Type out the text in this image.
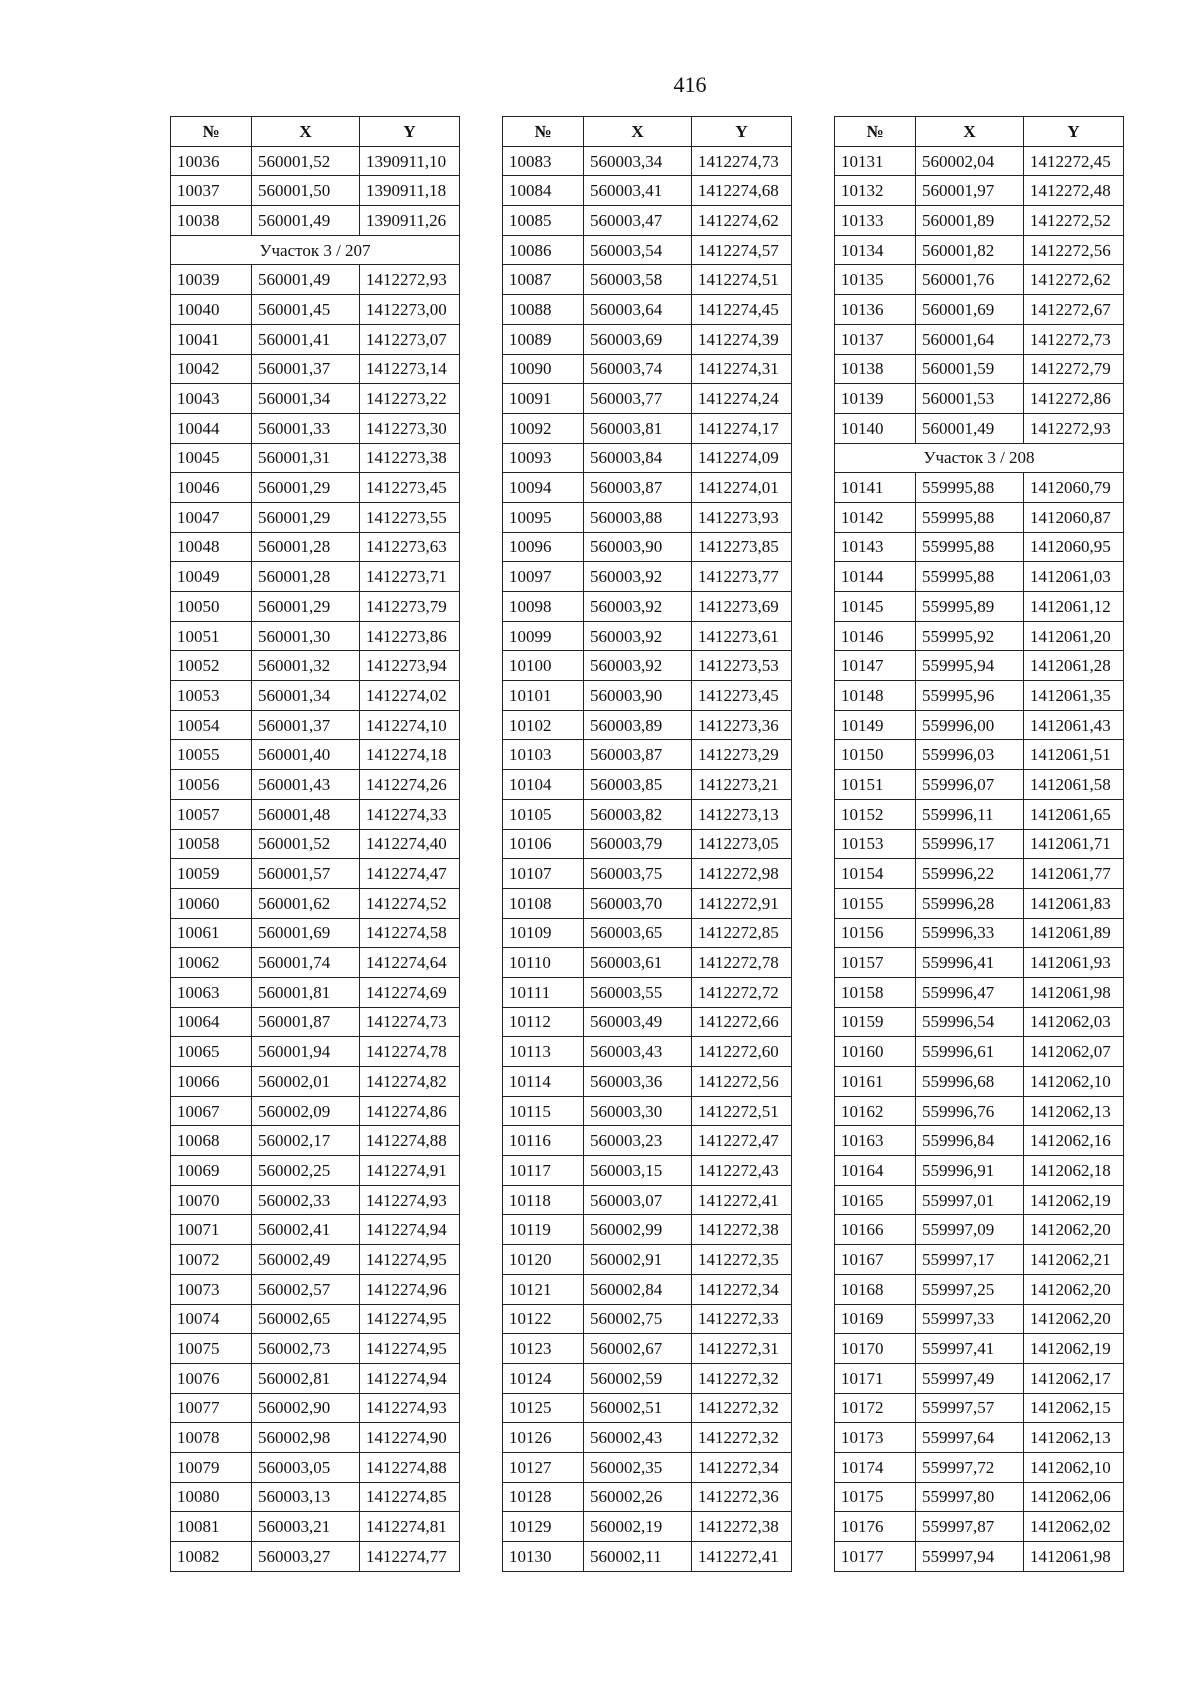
416
№	X	Y
10036	560001,52	1390911,10
10037	560001,50	1390911,18
10038	560001,49	1390911,26
Участок 3 / 207		
10039	560001,49	1412272,93
10040	560001,45	1412273,00
10041	560001,41	1412273,07
10042	560001,37	1412273,14
10043	560001,34	1412273,22
10044	560001,33	1412273,30
10045	560001,31	1412273,38
10046	560001,29	1412273,45
10047	560001,29	1412273,55
10048	560001,28	1412273,63
10049	560001,28	1412273,71
10050	560001,29	1412273,79
10051	560001,30	1412273,86
10052	560001,32	1412273,94
10053	560001,34	1412274,02
10054	560001,37	1412274,10
10055	560001,40	1412274,18
10056	560001,43	1412274,26
10057	560001,48	1412274,33
10058	560001,52	1412274,40
10059	560001,57	1412274,47
10060	560001,62	1412274,52
10061	560001,69	1412274,58
10062	560001,74	1412274,64
10063	560001,81	1412274,69
10064	560001,87	1412274,73
10065	560001,94	1412274,78
10066	560002,01	1412274,82
10067	560002,09	1412274,86
10068	560002,17	1412274,88
10069	560002,25	1412274,91
10070	560002,33	1412274,93
10071	560002,41	1412274,94
10072	560002,49	1412274,95
10073	560002,57	1412274,96
10074	560002,65	1412274,95
10075	560002,73	1412274,95
10076	560002,81	1412274,94
10077	560002,90	1412274,93
10078	560002,98	1412274,90
10079	560003,05	1412274,88
10080	560003,13	1412274,85
10081	560003,21	1412274,81
10082	560003,27	1412274,77
№	X	Y
10083	560003,34	1412274,73
10084	560003,41	1412274,68
10085	560003,47	1412274,62
10086	560003,54	1412274,57
10087	560003,58	1412274,51
10088	560003,64	1412274,45
10089	560003,69	1412274,39
10090	560003,74	1412274,31
10091	560003,77	1412274,24
10092	560003,81	1412274,17
10093	560003,84	1412274,09
10094	560003,87	1412274,01
10095	560003,88	1412273,93
10096	560003,90	1412273,85
10097	560003,92	1412273,77
10098	560003,92	1412273,69
10099	560003,92	1412273,61
10100	560003,92	1412273,53
10101	560003,90	1412273,45
10102	560003,89	1412273,36
10103	560003,87	1412273,29
10104	560003,85	1412273,21
10105	560003,82	1412273,13
10106	560003,79	1412273,05
10107	560003,75	1412272,98
10108	560003,70	1412272,91
10109	560003,65	1412272,85
10110	560003,61	1412272,78
10111	560003,55	1412272,72
10112	560003,49	1412272,66
10113	560003,43	1412272,60
10114	560003,36	1412272,56
10115	560003,30	1412272,51
10116	560003,23	1412272,47
10117	560003,15	1412272,43
10118	560003,07	1412272,41
10119	560002,99	1412272,38
10120	560002,91	1412272,35
10121	560002,84	1412272,34
10122	560002,75	1412272,33
10123	560002,67	1412272,31
10124	560002,59	1412272,32
10125	560002,51	1412272,32
10126	560002,43	1412272,32
10127	560002,35	1412272,34
10128	560002,26	1412272,36
10129	560002,19	1412272,38
10130	560002,11	1412272,41
№	X	Y
10131	560002,04	1412272,45
10132	560001,97	1412272,48
10133	560001,89	1412272,52
10134	560001,82	1412272,56
10135	560001,76	1412272,62
10136	560001,69	1412272,67
10137	560001,64	1412272,73
10138	560001,59	1412272,79
10139	560001,53	1412272,86
10140	560001,49	1412272,93
Участок 3 / 208		
10141	559995,88	1412060,79
10142	559995,88	1412060,87
10143	559995,88	1412060,95
10144	559995,88	1412061,03
10145	559995,89	1412061,12
10146	559995,92	1412061,20
10147	559995,94	1412061,28
10148	559995,96	1412061,35
10149	559996,00	1412061,43
10150	559996,03	1412061,51
10151	559996,07	1412061,58
10152	559996,11	1412061,65
10153	559996,17	1412061,71
10154	559996,22	1412061,77
10155	559996,28	1412061,83
10156	559996,33	1412061,89
10157	559996,41	1412061,93
10158	559996,47	1412061,98
10159	559996,54	1412062,03
10160	559996,61	1412062,07
10161	559996,68	1412062,10
10162	559996,76	1412062,13
10163	559996,84	1412062,16
10164	559996,91	1412062,18
10165	559997,01	1412062,19
10166	559997,09	1412062,20
10167	559997,17	1412062,21
10168	559997,25	1412062,20
10169	559997,33	1412062,20
10170	559997,41	1412062,19
10171	559997,49	1412062,17
10172	559997,57	1412062,15
10173	559997,64	1412062,13
10174	559997,72	1412062,10
10175	559997,80	1412062,06
10176	559997,87	1412062,02
10177	559997,94	1412061,98
